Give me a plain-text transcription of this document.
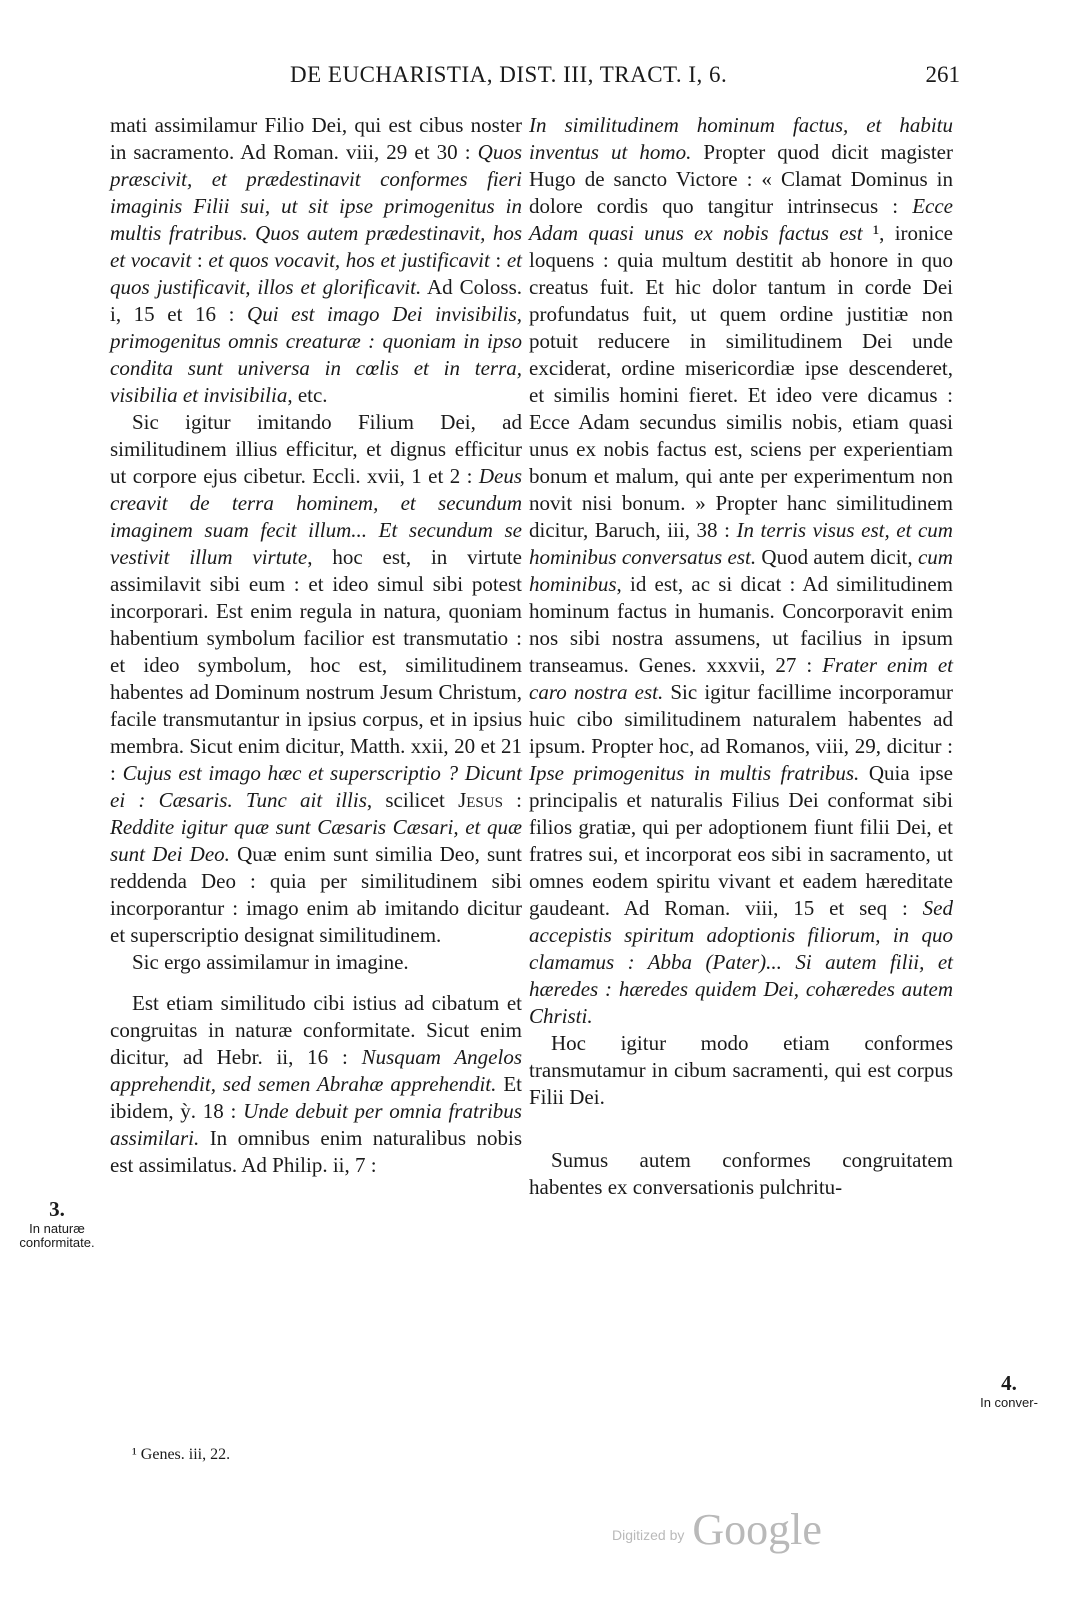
DE EUCHARISTIA, DIST. III, TRACT. I, 6.	261

mati assimilamur Filio Dei, qui est cibus noster in sacramento. Ad Roman. viii, 29 et 30 : Quos præscivit, et prædestinavit conformes fieri imaginis Filii sui, ut sit ipse primogenitus in multis fratribus. Quos autem prædestinavit, hos et vocavit : et quos vocavit, hos et justificavit : et quos justificavit, illos et glorificavit. Ad Coloss. i, 15 et 16 : Qui est imago Dei invisibilis, primogenitus omnis creaturæ : quoniam in ipso condita sunt universa in cœlis et in terra, visibilia et invisibilia, etc.

Sic igitur imitando Filium Dei, ad similitudinem illius efficitur, et dignus efficitur ut corpore ejus cibetur. Eccli. xvii, 1 et 2 : Deus creavit de terra hominem, et secundum imaginem suam fecit illum... Et secundum se vestivit illum virtute, hoc est, in virtute assimilavit sibi eum : et ideo simul sibi potest incorporari. Est enim regula in natura, quoniam habentium symbolum facilior est transmutatio : et ideo symbolum, hoc est, similitudinem habentes ad Dominum nostrum Jesum Christum, facile transmutantur in ipsius corpus, et in ipsius membra. Sicut enim dicitur, Matth. xxii, 20 et 21 : Cujus est imago hæc et superscriptio ? Dicunt ei : Cæsaris. Tunc ait illis, scilicet Jesus : Reddite igitur quæ sunt Cæsaris Cæsari, et quæ sunt Dei Deo. Quæ enim sunt similia Deo, sunt reddenda Deo : quia per similitudinem sibi incorporantur : imago enim ab imitando dicitur et superscriptio designat similitudinem.

Sic ergo assimilamur in imagine.

Est etiam similitudo cibi istius ad cibatum et congruitas in naturæ conformitate. Sicut enim dicitur, ad Hebr. ii, 16 : Nusquam Angelos apprehendit, sed semen Abrahæ apprehendit. Et ibidem, ỳ. 18 : Unde debuit per omnia fratribus assimilari. In omnibus enim naturalibus nobis est assimilatus. Ad Philip. ii, 7 :

In similitudinem hominum factus, et habitu inventus ut homo. Propter quod dicit magister Hugo de sancto Victore : « Clamat Dominus in dolore cordis quo tangitur intrinsecus : Ecce Adam quasi unus ex nobis factus est ¹, ironice loquens : quia multum destitit ab honore in quo creatus fuit. Et hic dolor tantum in corde Dei profundatus fuit, ut quem ordine justitiæ non potuit reducere in similitudinem Dei unde exciderat, ordine misericordiæ ipse descenderet, et similis homini fieret. Et ideo vere dicamus : Ecce Adam secundus similis nobis, etiam quasi unus ex nobis factus est, sciens per experientiam bonum et malum, qui ante per experimentum non novit nisi bonum. » Propter hanc similitudinem dicitur, Baruch, iii, 38 : In terris visus est, et cum hominibus conversatus est. Quod autem dicit, cum hominibus, id est, ac si dicat : Ad similitudinem hominum factus in humanis. Concorporavit enim nos sibi nostra assumens, ut facilius in ipsum transeamus. Genes. xxxvii, 27 : Frater enim et caro nostra est. Sic igitur facillime incorporamur huic cibo similitudinem naturalem habentes ad ipsum. Propter hoc, ad Romanos, viii, 29, dicitur : Ipse primogenitus in multis fratribus. Quia ipse principalis et naturalis Filius Dei conformat sibi filios gratiæ, qui per adoptionem fiunt filii Dei, et fratres sui, et incorporat eos sibi in sacramento, ut omnes eodem spiritu vivant et eadem hæreditate gaudeant. Ad Roman. viii, 15 et seq : Sed accepistis spiritum adoptionis filiorum, in quo clamamus : Abba (Pater)... Si autem filii, et hæredes : hæredes quidem Dei, cohæredes autem Christi.

Hoc igitur modo etiam conformes transmutamur in cibum sacramenti, qui est corpus Filii Dei.

Sumus autem conformes congruitatem habentes ex conversationis pulchritu-

3.
In naturæ conformitate.
4.
In conver-
¹ Genes. iii, 22.
Digitized by Google
